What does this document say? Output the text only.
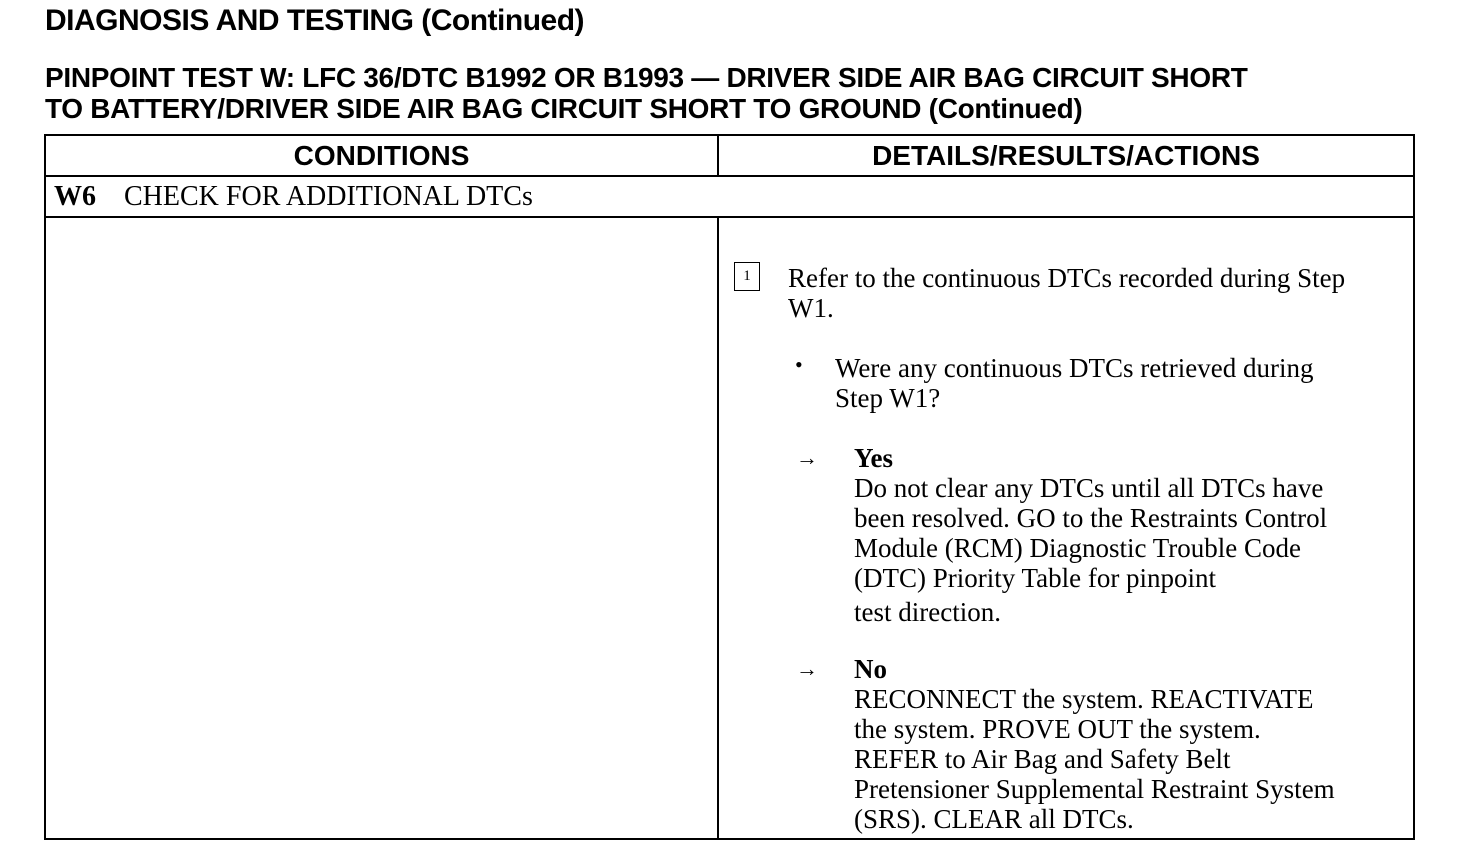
DIAGNOSIS AND TESTING (Continued)
PINPOINT TEST W: LFC 36/DTC B1992 OR B1993 — DRIVER SIDE AIR BAG CIRCUIT SHORT
TO BATTERY/DRIVER SIDE AIR BAG CIRCUIT SHORT TO GROUND (Continued)
CONDITIONS	DETAILS/RESULTS/ACTIONS
W6 CHECK FOR ADDITIONAL DTCs
1	Refer to the continuous DTCs recorded during Step
W1.
• Were any continuous DTCs retrieved during
Step W1?
→ Yes
Do not clear any DTCs until all DTCs have
been resolved. GO to the Restraints Control
Module (RCM) Diagnostic Trouble Code
(DTC) Priority Table for pinpoint
test direction.
→ No
RECONNECT the system. REACTIVATE
the system. PROVE OUT the system.
REFER to Air Bag and Safety Belt
Pretensioner Supplemental Restraint System
(SRS). CLEAR all DTCs.
